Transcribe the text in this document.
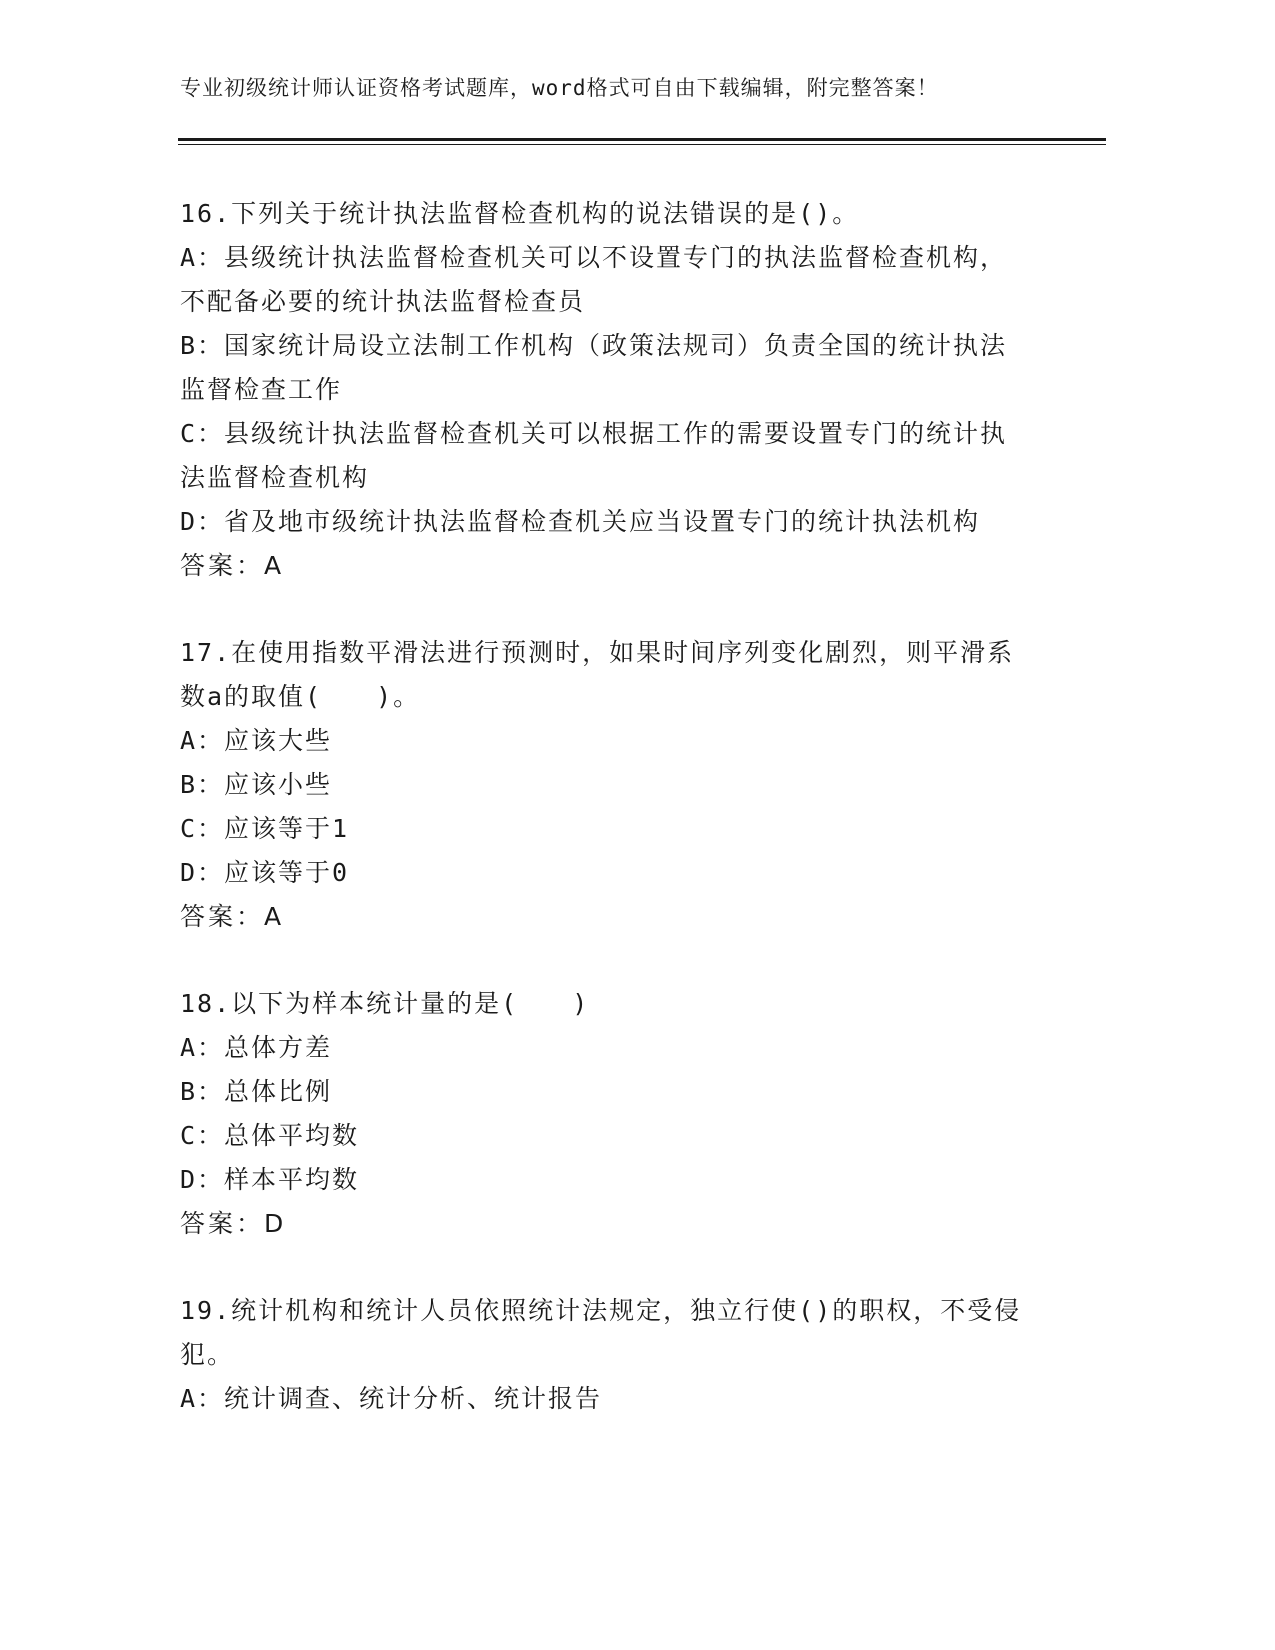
专业初级统计师认证资格考试题库，word格式可自由下载编辑，附完整答案！

16.下列关于统计执法监督检查机构的说法错误的是()。

A：县级统计执法监督检查机关可以不设置专门的执法监督检查机构，不配备必要的统计执法监督检查员

B：国家统计局设立法制工作机构（政策法规司）负责全国的统计执法监督检查工作

C：县级统计执法监督检查机关可以根据工作的需要设置专门的统计执法监督检查机构

D：省及地市级统计执法监督检查机关应当设置专门的统计执法机构

答案：A

17.在使用指数平滑法进行预测时，如果时间序列变化剧烈，则平滑系数a的取值(　　)。

A：应该大些

B：应该小些

C：应该等于1

D：应该等于0

答案：A

18.以下为样本统计量的是(　　)

A：总体方差

B：总体比例

C：总体平均数

D：样本平均数

答案：D

19.统计机构和统计人员依照统计法规定，独立行使()的职权，不受侵犯。

A：统计调查、统计分析、统计报告
